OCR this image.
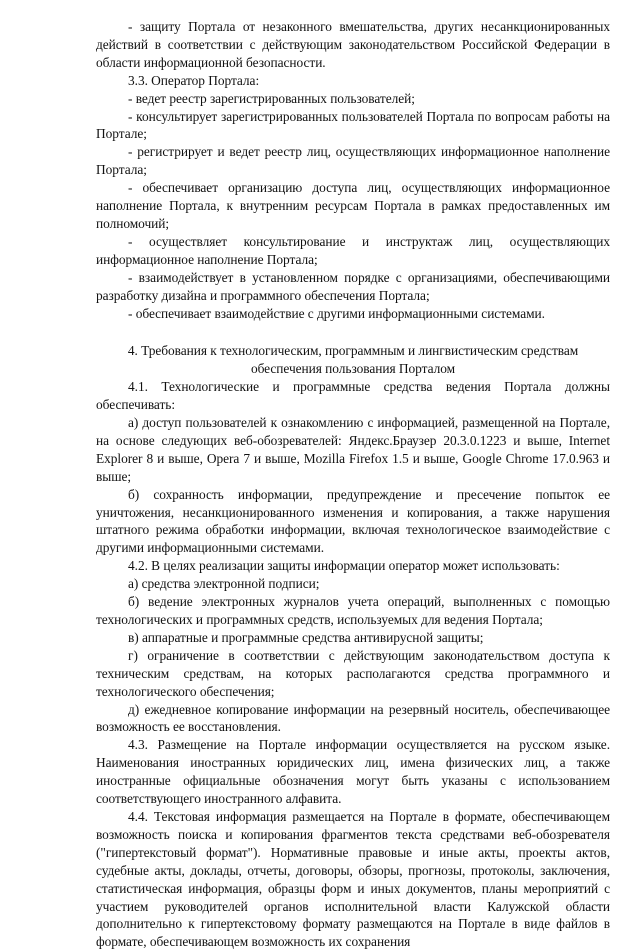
- защиту Портала от незаконного вмешательства, других несанкционированных действий в соответствии с действующим законодательством Российской Федерации в области информационной безопасности.

3.3. Оператор Портала:

- ведет реестр зарегистрированных пользователей;

- консультирует зарегистрированных пользователей Портала по вопросам работы на Портале;

- регистрирует и ведет реестр лиц, осуществляющих информационное наполнение Портала;

- обеспечивает организацию доступа лиц, осуществляющих информационное наполнение Портала, к внутренним ресурсам Портала в рамках предоставленных им полномочий;

- осуществляет консультирование и инструктаж лиц, осуществляющих информационное наполнение Портала;

- взаимодействует в установленном порядке с организациями, обеспечивающими разработку дизайна и программного обеспечения Портала;

- обеспечивает взаимодействие с другими информационными системами.

4. Требования к технологическим, программным и лингвистическим средствам обеспечения пользования Порталом

4.1. Технологические и программные средства ведения Портала должны обеспечивать:

а) доступ пользователей к ознакомлению с информацией, размещенной на Портале, на основе следующих веб-обозревателей: Яндекс.Браузер 20.3.0.1223 и выше, Internet Explorer 8 и выше, Opera 7 и выше, Mozilla Firefox 1.5 и выше, Google Chrome 17.0.963 и выше;

б) сохранность информации, предупреждение и пресечение попыток ее уничтожения, несанкционированного изменения и копирования, а также нарушения штатного режима обработки информации, включая технологическое взаимодействие с другими информационными системами.

4.2. В целях реализации защиты информации оператор может использовать:

а) средства электронной подписи;

б) ведение электронных журналов учета операций, выполненных с помощью технологических и программных средств, используемых для ведения Портала;

в) аппаратные и программные средства антивирусной защиты;

г) ограничение в соответствии с действующим законодательством доступа к техническим средствам, на которых располагаются средства программного и технологического обеспечения;

д) ежедневное копирование информации на резервный носитель, обеспечивающее возможность ее восстановления.

4.3. Размещение на Портале информации осуществляется на русском языке. Наименования иностранных юридических лиц, имена физических лиц, а также иностранные официальные обозначения могут быть указаны с использованием соответствующего иностранного алфавита.

4.4. Текстовая информация размещается на Портале в формате, обеспечивающем возможность поиска и копирования фрагментов текста средствами веб-обозревателя ("гипертекстовый формат"). Нормативные правовые и иные акты, проекты актов, судебные акты, доклады, отчеты, договоры, обзоры, прогнозы, протоколы, заключения, статистическая информация, образцы форм и иных документов, планы мероприятий с участием руководителей органов исполнительной власти Калужской области дополнительно к гипертекстовому формату размещаются на Портале в виде файлов в формате, обеспечивающем возможность их сохранения
